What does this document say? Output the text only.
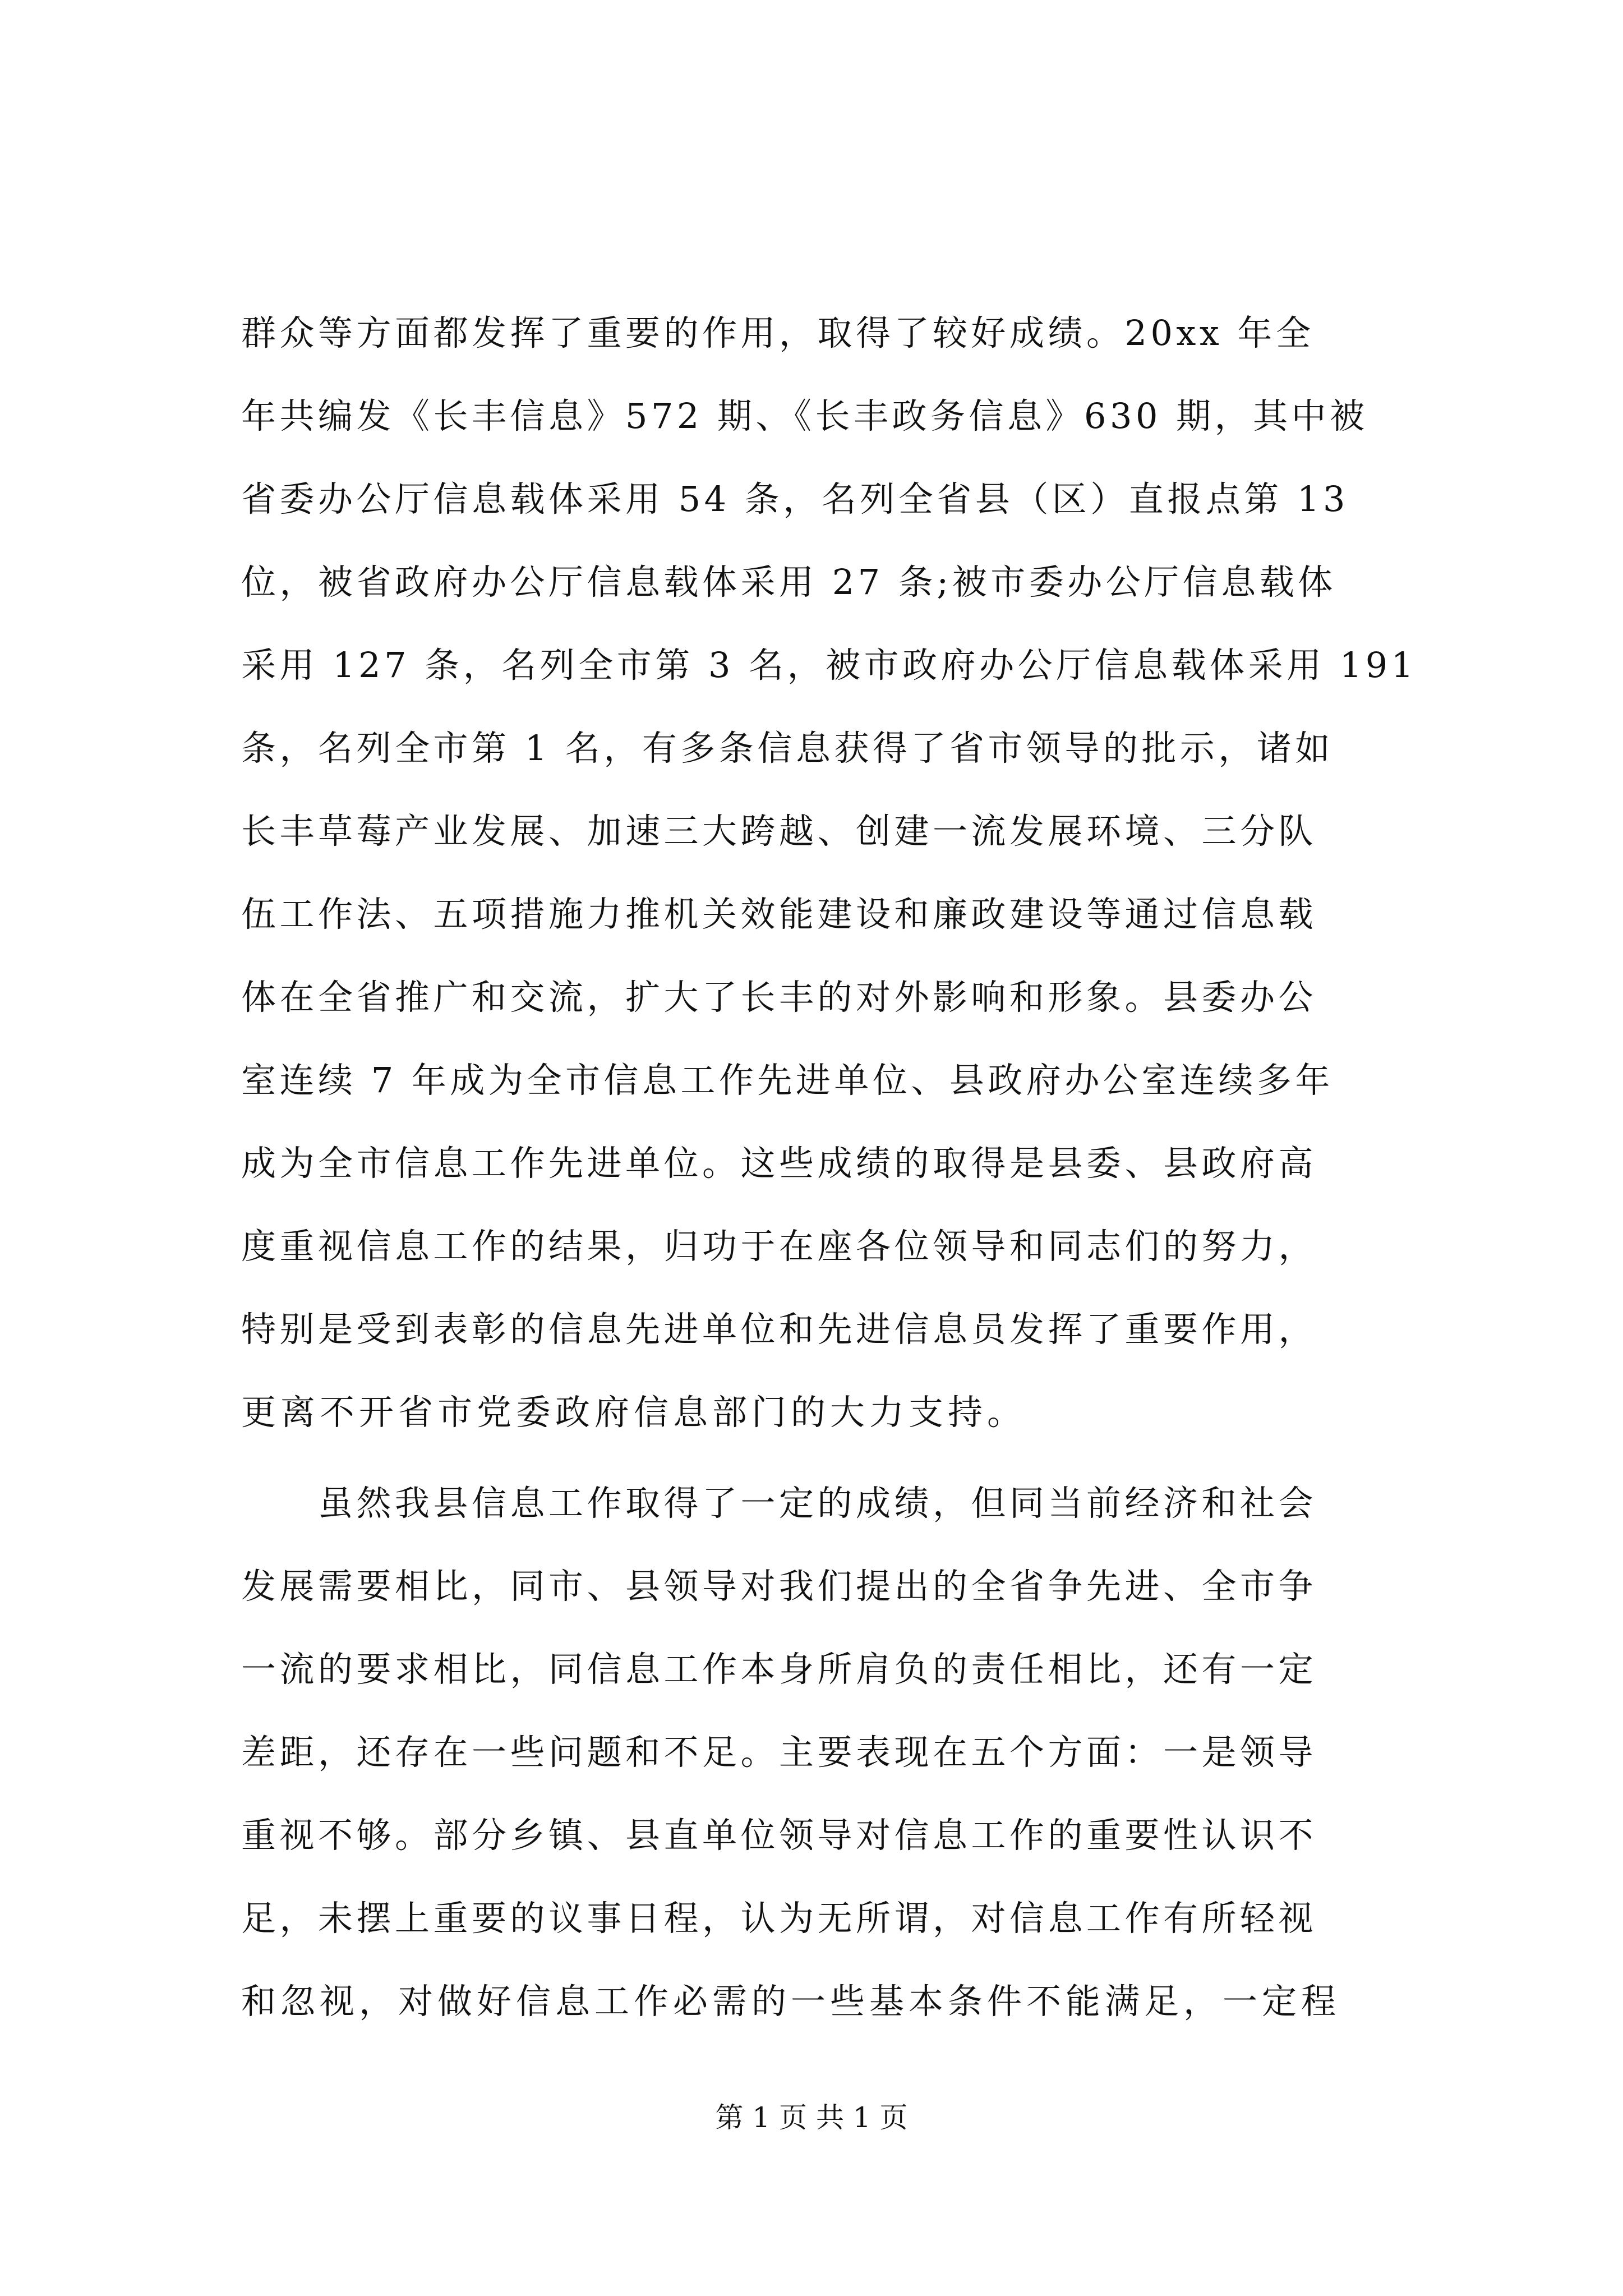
群众等方面都发挥了重要的作用，取得了较好成绩。20xx 年全
年共编发《长丰信息》572 期、《长丰政务信息》630 期，其中被
省委办公厅信息载体采用 54 条，名列全省县（区）直报点第 13
位，被省政府办公厅信息载体采用 27 条;被市委办公厅信息载体
采用 127 条，名列全市第 3 名，被市政府办公厅信息载体采用 191
条，名列全市第 1 名，有多条信息获得了省市领导的批示，诸如
长丰草莓产业发展、加速三大跨越、创建一流发展环境、三分队
伍工作法、五项措施力推机关效能建设和廉政建设等通过信息载
体在全省推广和交流，扩大了长丰的对外影响和形象。县委办公
室连续 7 年成为全市信息工作先进单位、县政府办公室连续多年
成为全市信息工作先进单位。这些成绩的取得是县委、县政府高
度重视信息工作的结果，归功于在座各位领导和同志们的努力，
特别是受到表彰的信息先进单位和先进信息员发挥了重要作用，
更离不开省市党委政府信息部门的大力支持。
　　虽然我县信息工作取得了一定的成绩，但同当前经济和社会
发展需要相比，同市、县领导对我们提出的全省争先进、全市争
一流的要求相比，同信息工作本身所肩负的责任相比，还有一定
差距，还存在一些问题和不足。主要表现在五个方面：一是领导
重视不够。部分乡镇、县直单位领导对信息工作的重要性认识不
足，未摆上重要的议事日程，认为无所谓，对信息工作有所轻视
和忽视，对做好信息工作必需的一些基本条件不能满足，一定程
第 1 页 共 1 页
